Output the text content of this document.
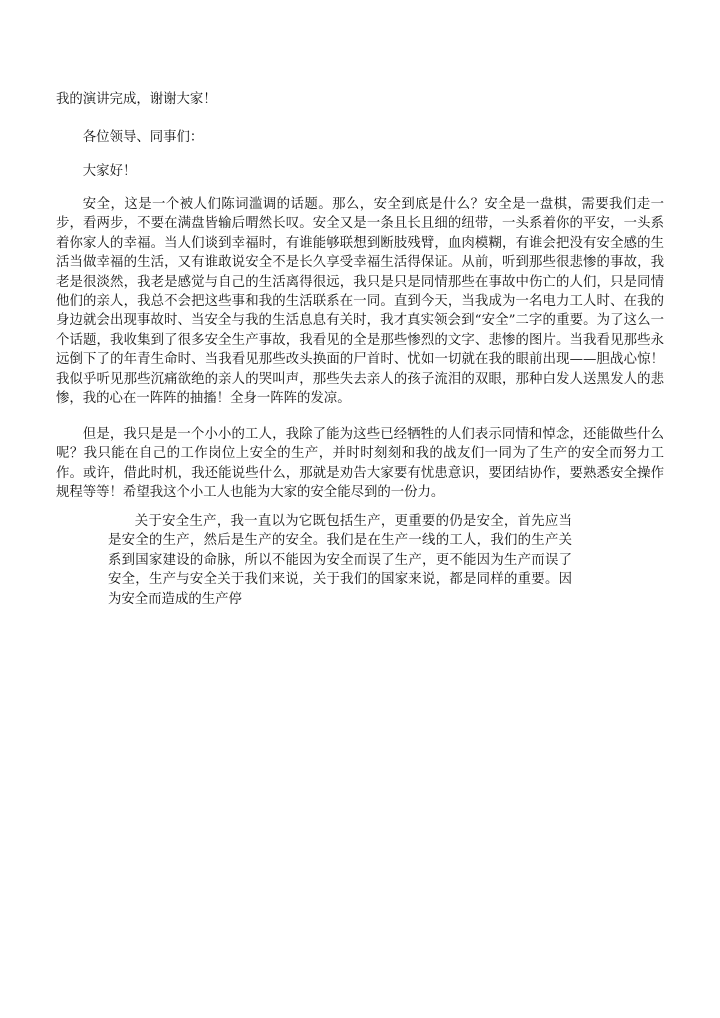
我的演讲完成，谢谢大家！

各位领导、同事们：

大家好！

安全，这是一个被人们陈词滥调的话题。那么，安全到底是什么？安全是一盘棋，需要我们走一步，看两步，不要在满盘皆输后喟然长叹。安全又是一条且长且细的纽带，一头系着你的平安，一头系着你家人的幸福。当人们谈到幸福时，有谁能够联想到断肢残臂，血肉模糊，有谁会把没有安全感的生活当做幸福的生活，又有谁敢说安全不是长久享受幸福生活得保证。从前，听到那些很悲惨的事故，我老是很淡然，我老是感觉与自己的生活离得很远，我只是只是同情那些在事故中伤亡的人们，只是同情他们的亲人，我总不会把这些事和我的生活联系在一同。直到今天，当我成为一名电力工人时、在我的身边就会出现事故时、当安全与我的生活息息有关时，我才真实领会到“安全”二字的重要。为了这么一个话题，我收集到了很多安全生产事故，我看见的全是那些惨烈的文字、悲惨的图片。当我看见那些永远倒下了的年青生命时、当我看见那些改头换面的尸首时、忧如一切就在我的眼前出现——胆战心惊！我似乎听见那些沉痛欲绝的亲人的哭叫声，那些失去亲人的孩子流泪的双眼，那种白发人送黑发人的悲惨，我的心在一阵阵的抽搐！全身一阵阵的发凉。

但是，我只是是一个小小的工人，我除了能为这些已经牺牲的人们表示同情和悼念，还能做些什么呢？我只能在自己的工作岗位上安全的生产，并时时刻刻和我的战友们一同为了生产的安全而努力工作。或许，借此时机，我还能说些什么，那就是劝告大家要有忧患意识，要团结协作，要熟悉安全操作规程等等！希望我这个小工人也能为大家的安全能尽到的一份力。

关于安全生产，我一直以为它既包括生产，更重要的仍是安全，首先应当是安全的生产，然后是生产的安全。我们是在生产一线的工人，我们的生产关系到国家建设的命脉，所以不能因为安全而误了生产，更不能因为生产而误了安全，生产与安全关于我们来说，关于我们的国家来说，都是同样的重要。因为安全而造成的生产停
